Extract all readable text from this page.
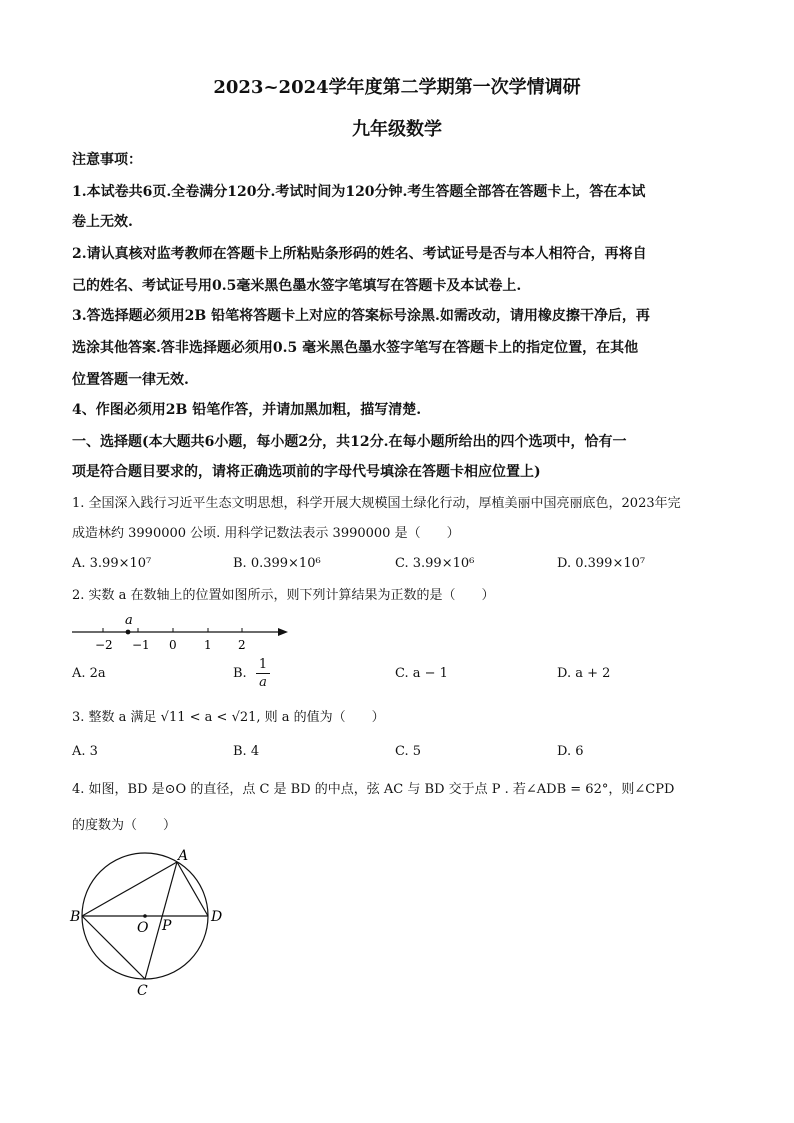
2023~2024学年度第二学期第一次学情调研
九年级数学
注意事项：
1.本试卷共6页.全卷满分120分.考试时间为120分钟.考生答题全部答在答题卡上，答在本试
卷上无效.
2.请认真核对监考教师在答题卡上所粘贴条形码的姓名、考试证号是否与本人相符合，再将自
己的姓名、考试证号用0.5毫米黑色墨水签字笔填写在答题卡及本试卷上.
3.答选择题必须用2B 铅笔将答题卡上对应的答案标号涂黑.如需改动，请用橡皮擦干净后，再
选涂其他答案.答非选择题必须用0.5 毫米黑色墨水签字笔写在答题卡上的指定位置，在其他
位置答题一律无效.
4、作图必须用2B 铅笔作答，并请加黑加粗，描写清楚.
一、选择题(本大题共6小题，每小题2分，共12分.在每小题所给出的四个选项中，恰有一
项是符合题目要求的，请将正确选项前的字母代号填涂在答题卡相应位置上)
1. 全国深入践行习近平生态文明思想，科学开展大规模国土绿化行动，厚植美丽中国亮丽底色，2023年完
成造林约 3990000 公顷. 用科学记数法表示 3990000 是（　　）
A. 3.99×10⁷	B. 0.399×10⁶	C. 3.99×10⁶	D. 0.399×10⁷
2. 实数 a 在数轴上的位置如图所示，则下列计算结果为正数的是（　　）
a
−2 −1 0 1 2
A. 2a	B. $\frac{1}{a}$	C. a − 1	D. a + 2
3. 整数 a 满足 √11 < a < √21, 则 a 的值为（　　）
A. 3	B. 4	C. 5	D. 6
4. 如图，BD 是⊙O 的直径，点 C 是 BD 的中点，弦 AC 与 BD 交于点 P . 若∠ADB = 62°，则∠CPD
的度数为（　　）
A
B	D
C
O P
